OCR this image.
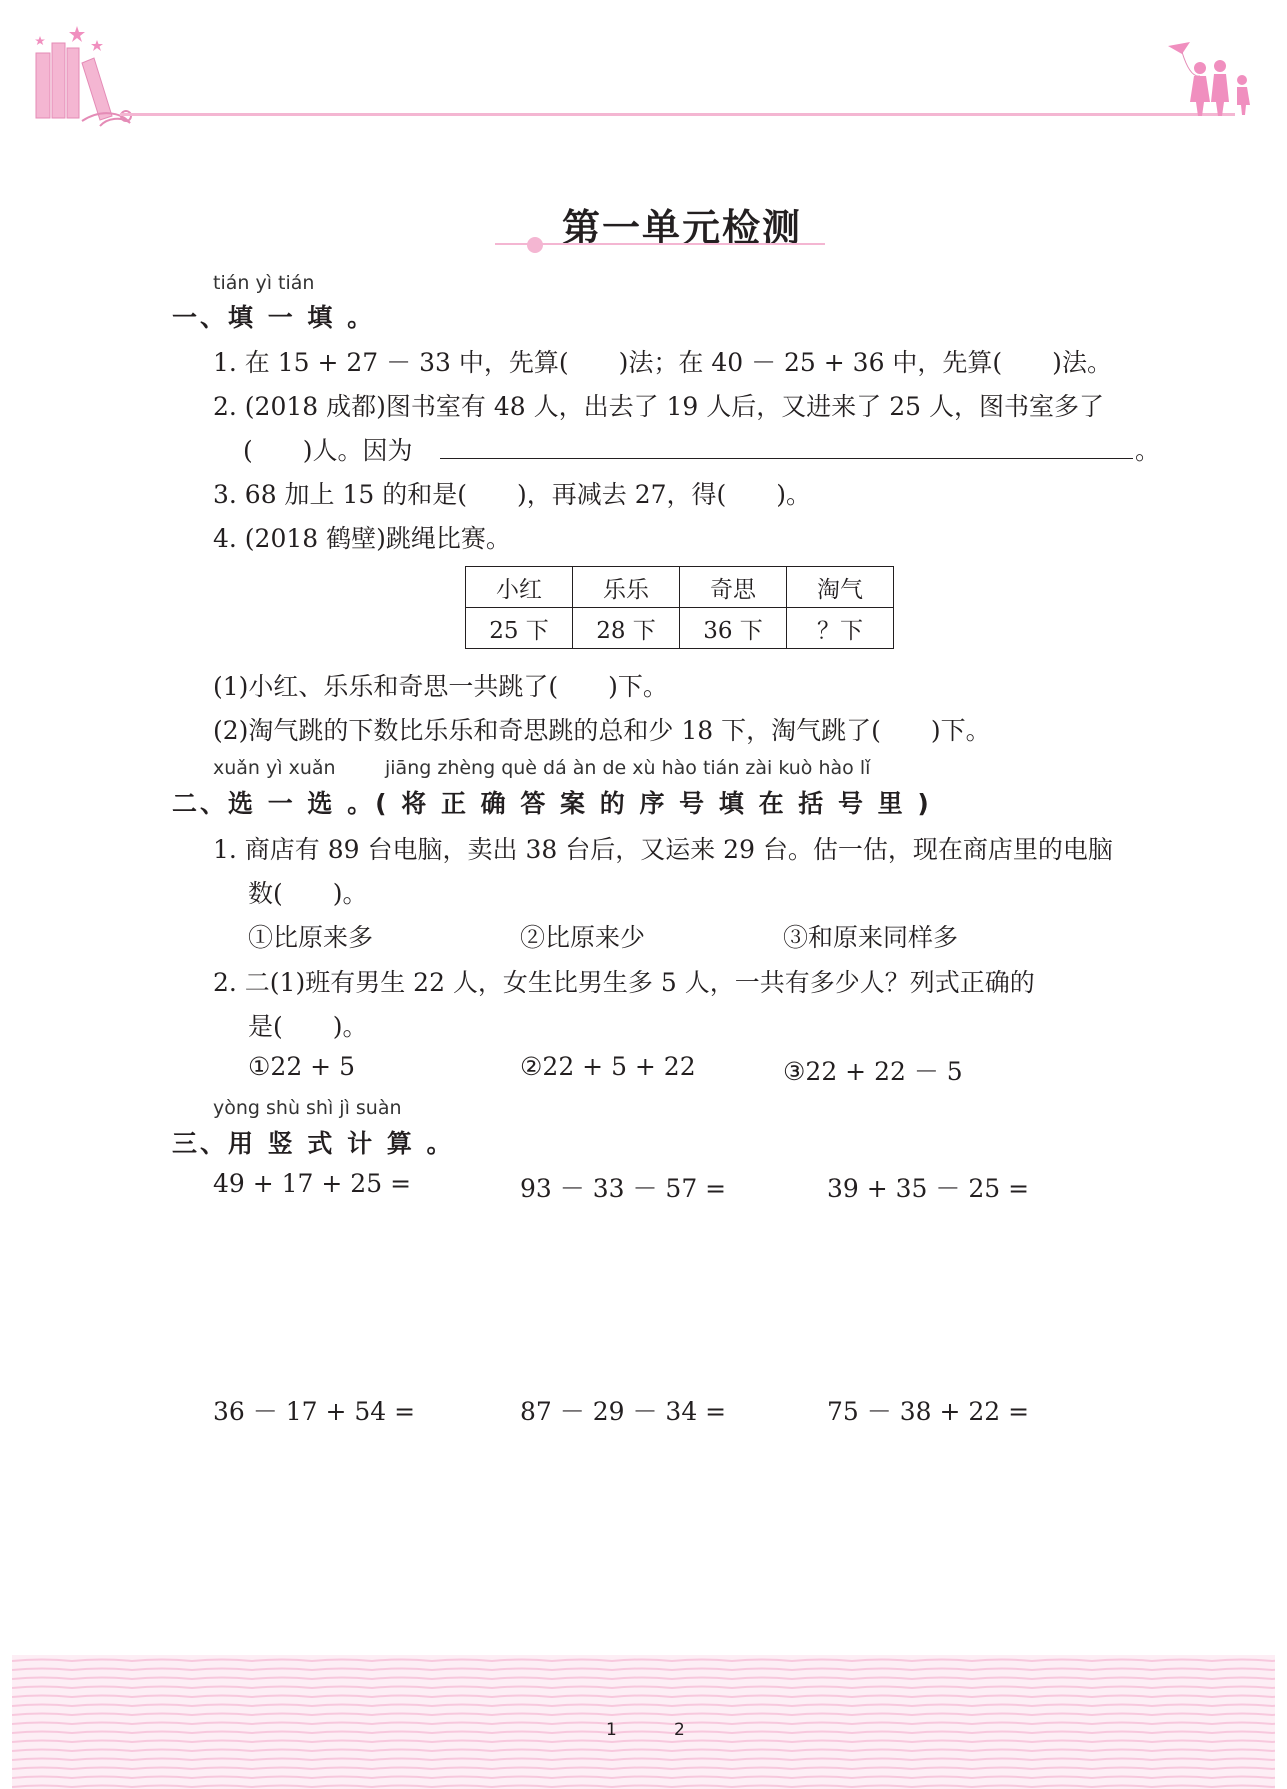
第一单元检测
tián yì tián
一、填 一 填 。
1. 在 15 + 27 － 33 中，先算(　　)法；在 40 － 25 + 36 中，先算(　　)法。
2. (2018 成都)图书室有 48 人，出去了 19 人后，又进来了 25 人，图书室多了
(　　)人。因为	。
3. 68 加上 15 的和是(　　)，再减去 27，得(　　)。
4. (2018 鹤壁)跳绳比赛。
小红	乐乐	奇思	淘气
25 下	28 下	36 下	？下
(1)小红、乐乐和奇思一共跳了(　　)下。
(2)淘气跳的下数比乐乐和奇思跳的总和少 18 下，淘气跳了(　　)下。
xuǎn yì xuǎn	jiāng zhèng què dá àn de xù hào tián zài kuò hào lǐ
二、选 一 选 。( 将 正 确 答 案 的 序 号 填 在 括 号 里 )
1. 商店有 89 台电脑，卖出 38 台后，又运来 29 台。估一估，现在商店里的电脑
数(　　)。
①比原来多	②比原来少	③和原来同样多
2. 二(1)班有男生 22 人，女生比男生多 5 人，一共有多少人？列式正确的
是(　　)。
①22 + 5	②22 + 5 + 22	③22 + 22 － 5
yòng shù shì jì suàn
三、用 竖 式 计 算 。
49 + 17 + 25 =	93 － 33 － 57 =	39 + 35 － 25 =
36 － 17 + 54 =	87 － 29 － 34 =	75 － 38 + 22 =
1	2
